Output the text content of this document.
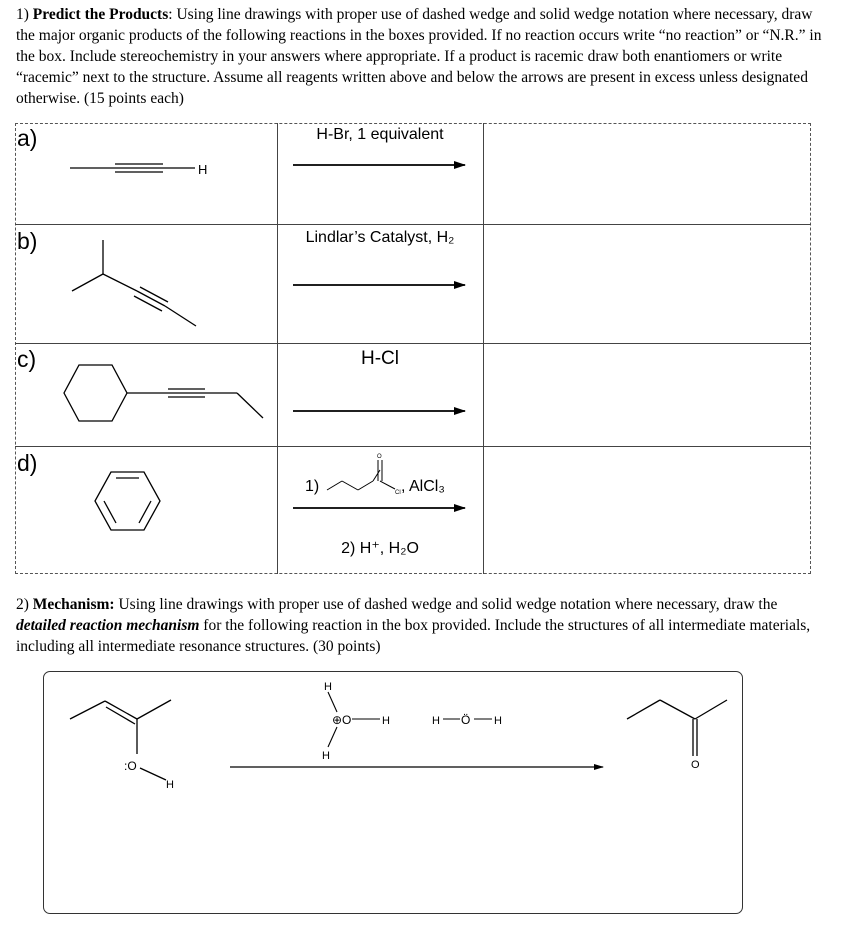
1) Predict the Products: Using line drawings with proper use of dashed wedge and solid wedge notation where necessary, draw the major organic products of the following reactions in the boxes provided. If no reaction occurs write “no reaction” or “N.R.” in the box. Include stereochemistry in your answers where appropriate. If a product is racemic draw both enantiomers or write “racemic” next to the structure. Assume all reagents written above and below the arrows are present in excess unless designated otherwise. (15 points each)

a)
b)
c)
d)
H-Br, 1 equivalent
Lindlar’s Catalyst, H₂
H-Cl
2) H⁺, H₂O
H
O
Cl
1)	, AlCl₃

2) Mechanism: Using line drawings with proper use of dashed wedge and solid wedge notation where necessary, draw the detailed reaction mechanism for the following reaction in the box provided. Include the structures of all intermediate materials, including all intermediate resonance structures. (30 points)

:O
H
H
⊕O	H
H
H Ö H
O
